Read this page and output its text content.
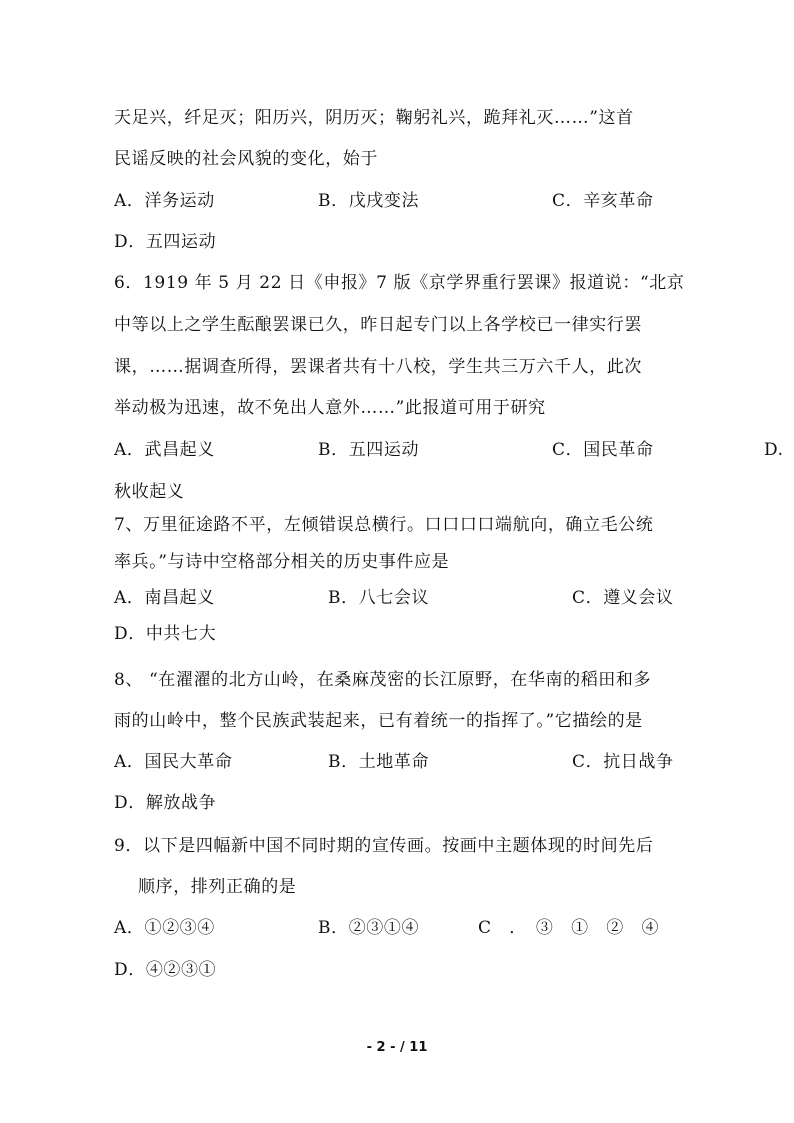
天足兴，纤足灭；阳历兴，阴历灭；鞠躬礼兴，跪拜礼灭……”这首
民谣反映的社会风貌的变化，始于
A．洋务运动	B．戊戌变法	C．辛亥革命
D．五四运动
6．1919 年 5 月 22 日《申报》7 版《京学界重行罢课》报道说：“北京
中等以上之学生酝酿罢课已久，昨日起专门以上各学校已一律实行罢
课，……据调查所得，罢课者共有十八校，学生共三万六千人，此次
举动极为迅速，故不免出人意外……”此报道可用于研究
A．武昌起义	B．五四运动	C．国民革命	D.
秋收起义
7、万里征途路不平，左倾错误总横行。口口口口端航向，确立毛公统
率兵。”与诗中空格部分相关的历史事件应是
A．南昌起义	B．八七会议	C．遵义会议
D．中共七大
8、 “在濯濯的北方山岭，在桑麻茂密的长江原野，在华南的稻田和多
雨的山岭中，整个民族武装起来，已有着统一的指挥了。”它描绘的是
A．国民大革命	B．土地革命	C．抗日战争
D．解放战争
9．以下是四幅新中国不同时期的宣传画。按画中主题体现的时间先后
顺序，排列正确的是
A．①②③④	B．②③①④	C　．　③　①　②　④
D．④②③①
- 2 - / 11
